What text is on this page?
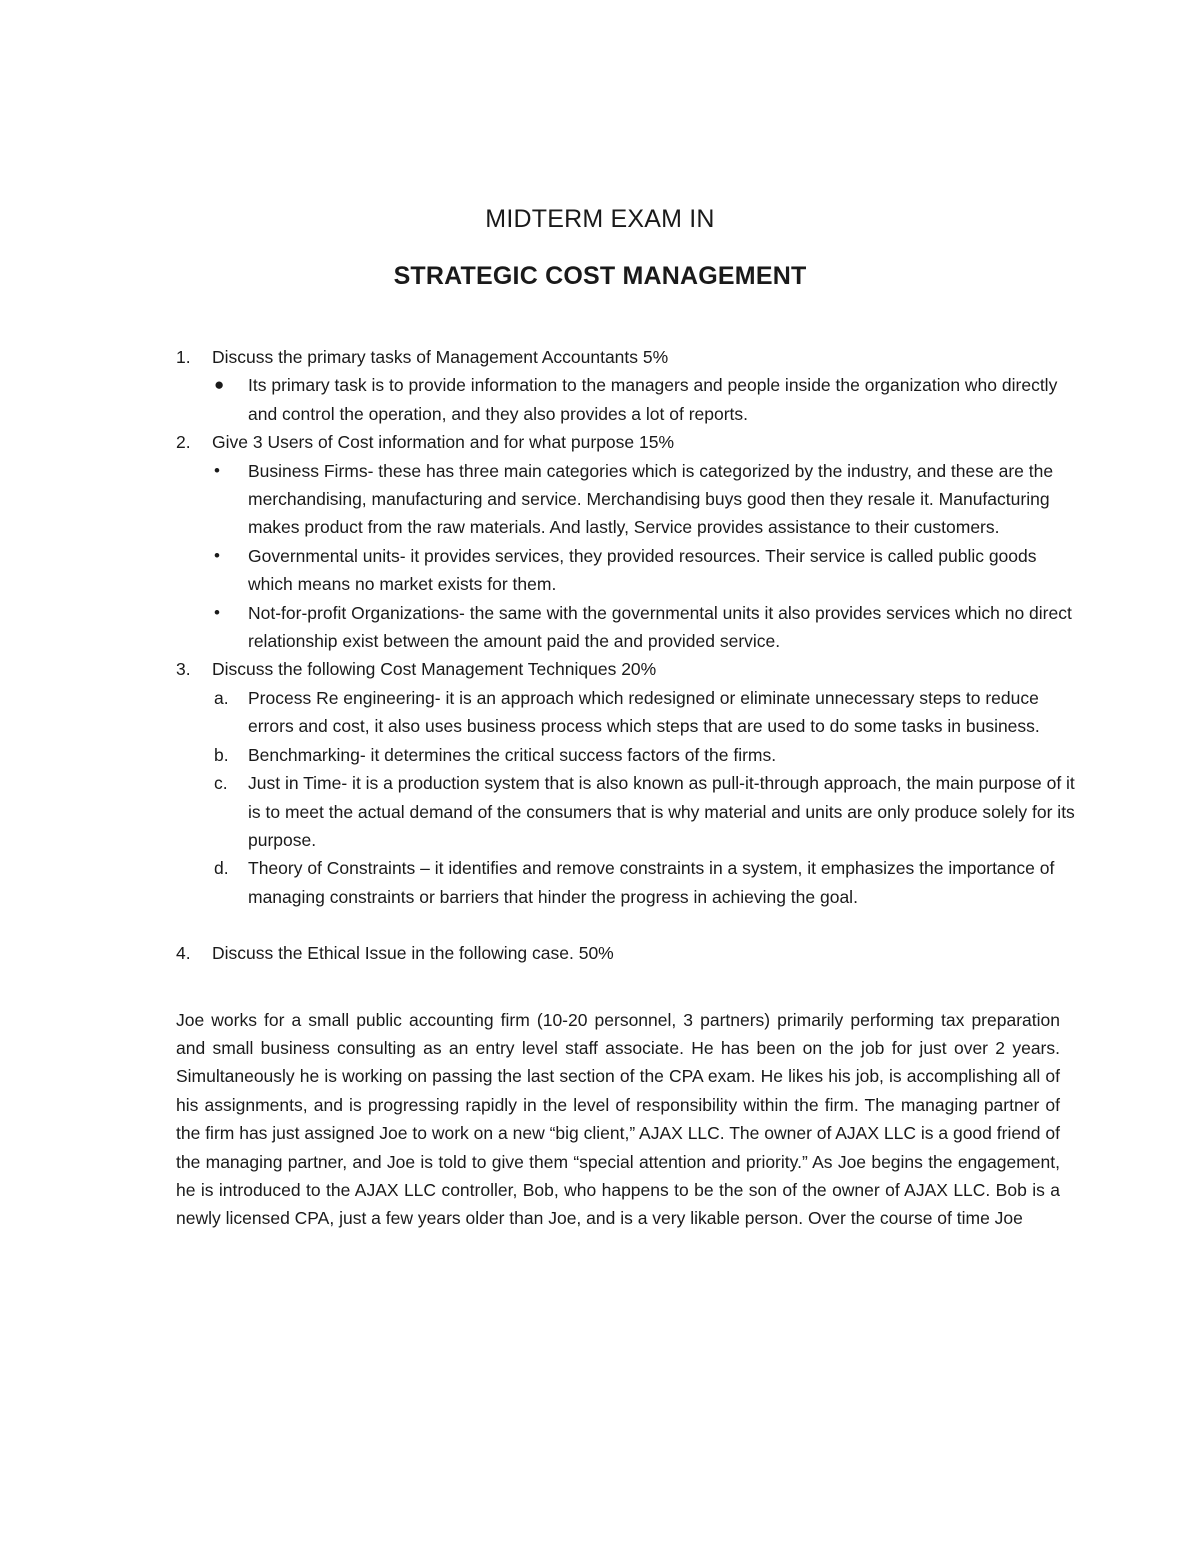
MIDTERM EXAM IN
STRATEGIC COST MANAGEMENT
1. Discuss the primary tasks of Management Accountants 5%
● Its primary task is to provide information to the managers and people inside the organization who directly and control the operation, and they also provides a lot of reports.
2. Give 3 Users of Cost information and for what purpose 15%
• Business Firms- these has three main categories which is categorized by the industry, and these are the merchandising, manufacturing and service. Merchandising buys good then they resale it. Manufacturing makes product from the raw materials. And lastly, Service provides assistance to their customers.
• Governmental units- it provides services, they provided resources. Their service is called public goods which means no market exists for them.
• Not-for-profit Organizations- the same with the governmental units it also provides services which no direct relationship exist between the amount paid the and provided service.
3. Discuss the following Cost Management Techniques 20%
a. Process Re engineering- it is an approach which redesigned or eliminate unnecessary steps to reduce errors and cost, it also uses business process which steps that are used to do some tasks in business.
b. Benchmarking- it determines the critical success factors of the firms.
c. Just in Time- it is a production system that is also known as pull-it-through approach, the main purpose of it is to meet the actual demand of the consumers that is why material and units are only produce solely for its purpose.
d. Theory of Constraints – it identifies and remove constraints in a system, it emphasizes the importance of managing constraints or barriers that hinder the progress in achieving the goal.
4. Discuss the Ethical Issue in the following case. 50%
Joe works for a small public accounting firm (10-20 personnel, 3 partners) primarily performing tax preparation and small business consulting as an entry level staff associate. He has been on the job for just over 2 years. Simultaneously he is working on passing the last section of the CPA exam. He likes his job, is accomplishing all of his assignments, and is progressing rapidly in the level of responsibility within the firm. The managing partner of the firm has just assigned Joe to work on a new “big client,” AJAX LLC. The owner of AJAX LLC is a good friend of the managing partner, and Joe is told to give them “special attention and priority.” As Joe begins the engagement, he is introduced to the AJAX LLC controller, Bob, who happens to be the son of the owner of AJAX LLC. Bob is a newly licensed CPA, just a few years older than Joe, and is a very likable person. Over the course of time Joe
